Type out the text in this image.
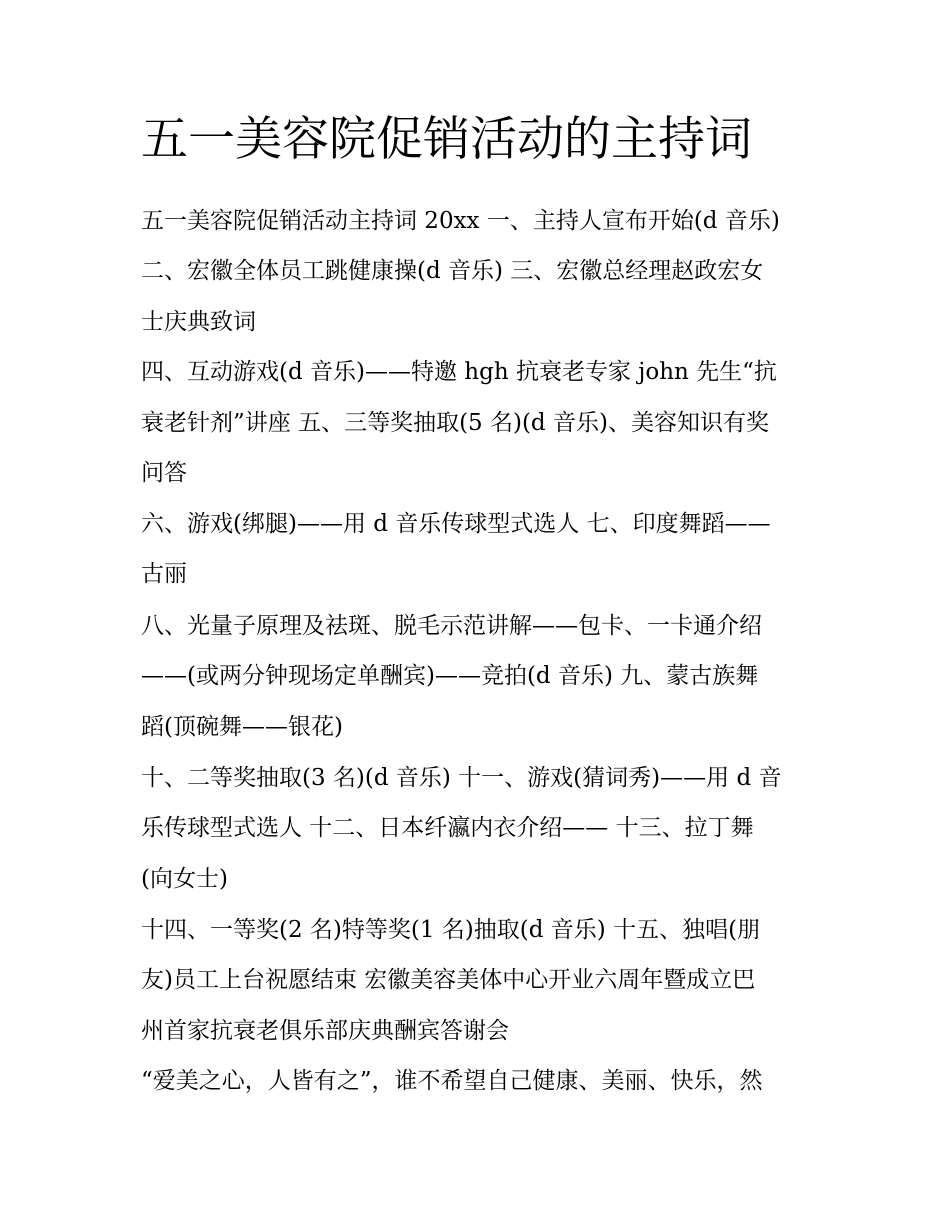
五一美容院促销活动的主持词

五一美容院促销活动主持词 20xx 一、主持人宣布开始(d 音乐)

二、宏徽全体员工跳健康操(d 音乐) 三、宏徽总经理赵政宏女

士庆典致词

四、互动游戏(d 音乐)——特邀 hgh 抗衰老专家 john 先生“抗

衰老针剂”讲座 五、三等奖抽取(5 名)(d 音乐)、美容知识有奖

问答

六、游戏(绑腿)——用 d 音乐传球型式选人 七、印度舞蹈——

古丽

八、光量子原理及祛斑、脱毛示范讲解——包卡、一卡通介绍

——(或两分钟现场定单酬宾)——竞拍(d 音乐) 九、蒙古族舞

蹈(顶碗舞——银花)

十、二等奖抽取(3 名)(d 音乐) 十一、游戏(猜词秀)——用 d 音

乐传球型式选人 十二、日本纤瀛内衣介绍—— 十三、拉丁舞

(向女士)

十四、一等奖(2 名)特等奖(1 名)抽取(d 音乐) 十五、独唱(朋

友)员工上台祝愿结束 宏徽美容美体中心开业六周年暨成立巴

州首家抗衰老俱乐部庆典酬宾答谢会

“爱美之心，人皆有之”，谁不希望自己健康、美丽、快乐，然
